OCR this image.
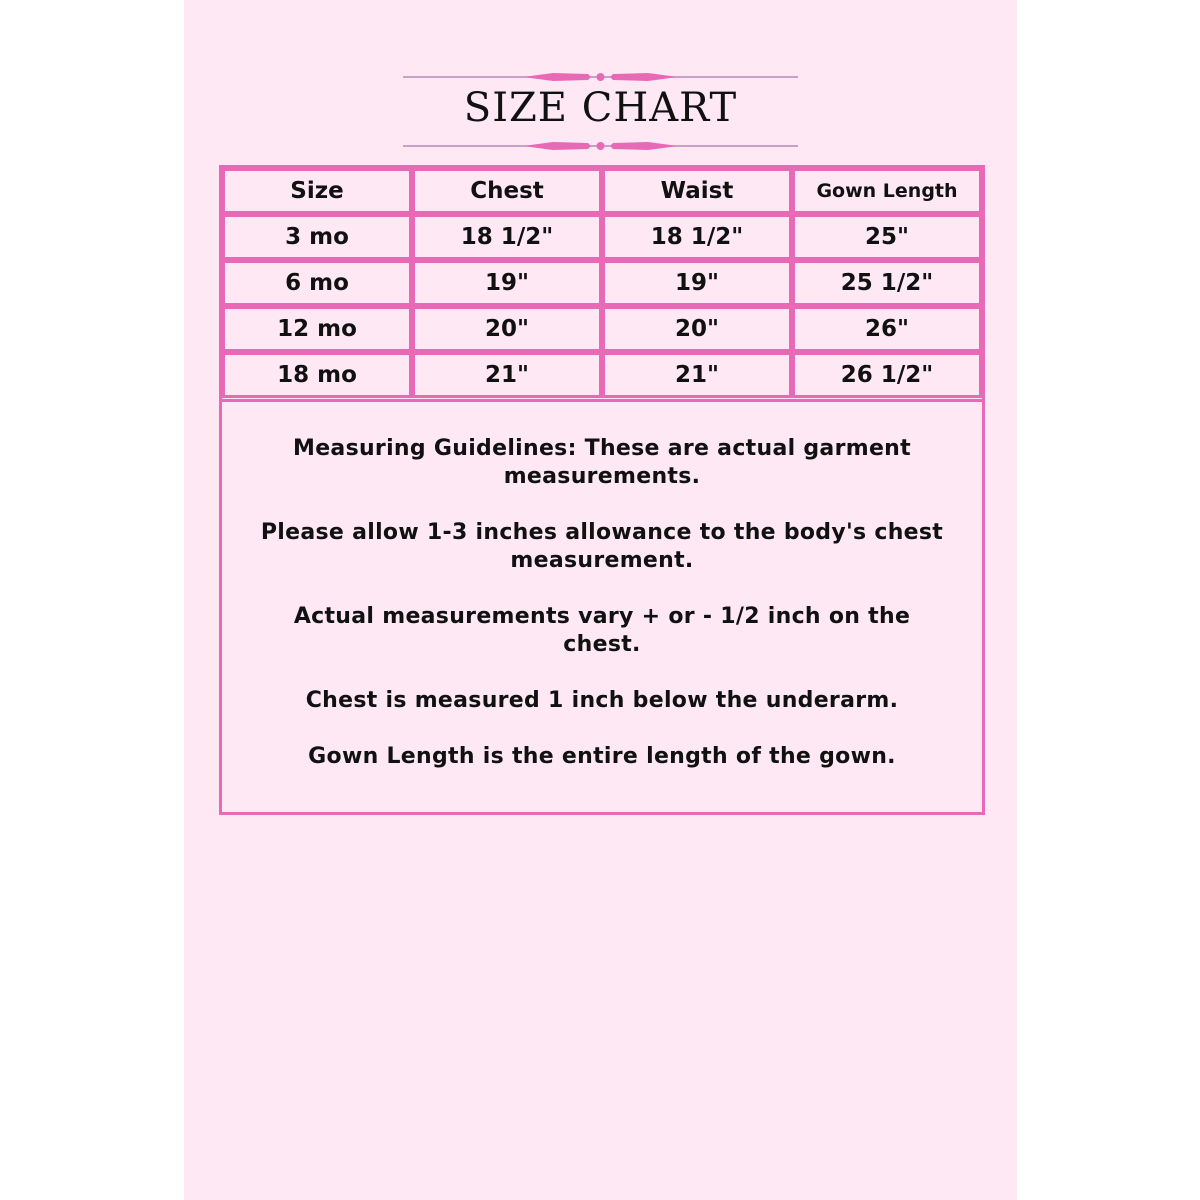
SIZE CHART
Size	Chest	Waist	Gown Length
3 mo	18 1/2"	18 1/2"	25"
6 mo	19"	19"	25 1/2"
12 mo	20"	20"	26"
18 mo	21"	21"	26 1/2"
Measuring Guidelines: These are actual garment measurements.
Please allow 1-3 inches allowance to the body's chest measurement.
Actual measurements vary + or - 1/2 inch on the chest.
Chest is measured 1 inch below the underarm.
Gown Length is the entire length of the gown.
